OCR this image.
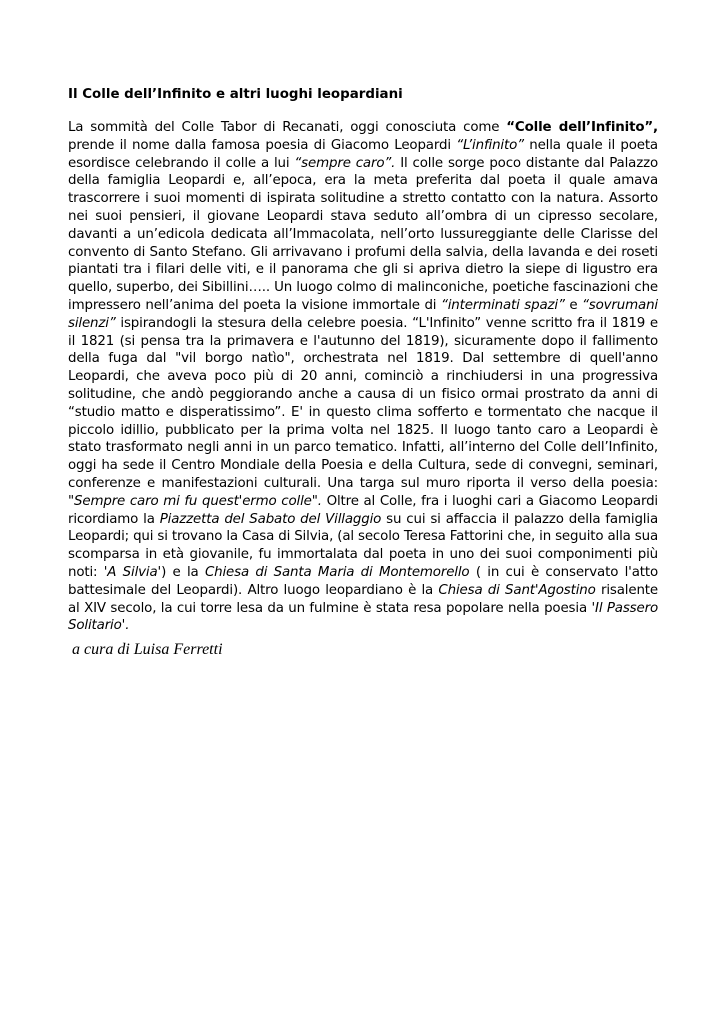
Il Colle dell’Infinito e altri luoghi leopardiani

La sommità del Colle Tabor di Recanati, oggi conosciuta come “Colle dell’Infinito”, prende il nome dalla famosa poesia di Giacomo Leopardi “L’infinito” nella quale il poeta esordisce celebrando il colle a lui “sempre caro”. Il colle sorge poco distante dal Palazzo della famiglia Leopardi e, all’epoca, era la meta preferita dal poeta il quale amava trascorrere i suoi momenti di ispirata solitudine a stretto contatto con la natura. Assorto nei suoi pensieri, il giovane Leopardi stava seduto all’ombra di un cipresso secolare, davanti a un’edicola dedicata all’Immacolata, nell’orto lussureggiante delle Clarisse del convento di Santo Stefano. Gli arrivavano i profumi della salvia, della lavanda e dei roseti piantati tra i filari delle viti, e il panorama che gli si apriva dietro la siepe di ligustro era quello, superbo, dei Sibillini….. Un luogo colmo di malinconiche, poetiche fascinazioni che impressero nell’anima del poeta la visione immortale di “interminati spazi” e “sovrumani silenzi” ispirandogli la stesura della celebre poesia. “L'Infinito” venne scritto fra il 1819 e il 1821 (si pensa tra la primavera e l'autunno del 1819), sicuramente dopo il fallimento della fuga dal "vil borgo natìo", orchestrata nel 1819. Dal settembre di quell'anno Leopardi, che aveva poco più di 20 anni, cominciò a rinchiudersi in una progressiva solitudine, che andò peggiorando anche a causa di un fisico ormai prostrato da anni di “studio matto e disperatissimo”. E' in questo clima sofferto e tormentato che nacque il piccolo idillio, pubblicato per la prima volta nel 1825. Il luogo tanto caro a Leopardi è stato trasformato negli anni in un parco tematico. Infatti, all’interno del Colle dell’Infinito, oggi ha sede il Centro Mondiale della Poesia e della Cultura, sede di convegni, seminari, conferenze e manifestazioni culturali. Una targa sul muro riporta il verso della poesia: "Sempre caro mi fu quest'ermo colle". Oltre al Colle, fra i luoghi cari a Giacomo Leopardi ricordiamo la Piazzetta del Sabato del Villaggio su cui si affaccia il palazzo della famiglia Leopardi; qui si trovano la Casa di Silvia, (al secolo Teresa Fattorini che, in seguito alla sua scomparsa in età giovanile, fu immortalata dal poeta in uno dei suoi componimenti più noti: 'A Silvia') e la Chiesa di Santa Maria di Montemorello ( in cui è conservato l'atto battesimale del Leopardi). Altro luogo leopardiano è la Chiesa di Sant'Agostino risalente al XIV secolo, la cui torre lesa da un fulmine è stata resa popolare nella poesia 'Il Passero Solitario'.

a cura di Luisa Ferretti
